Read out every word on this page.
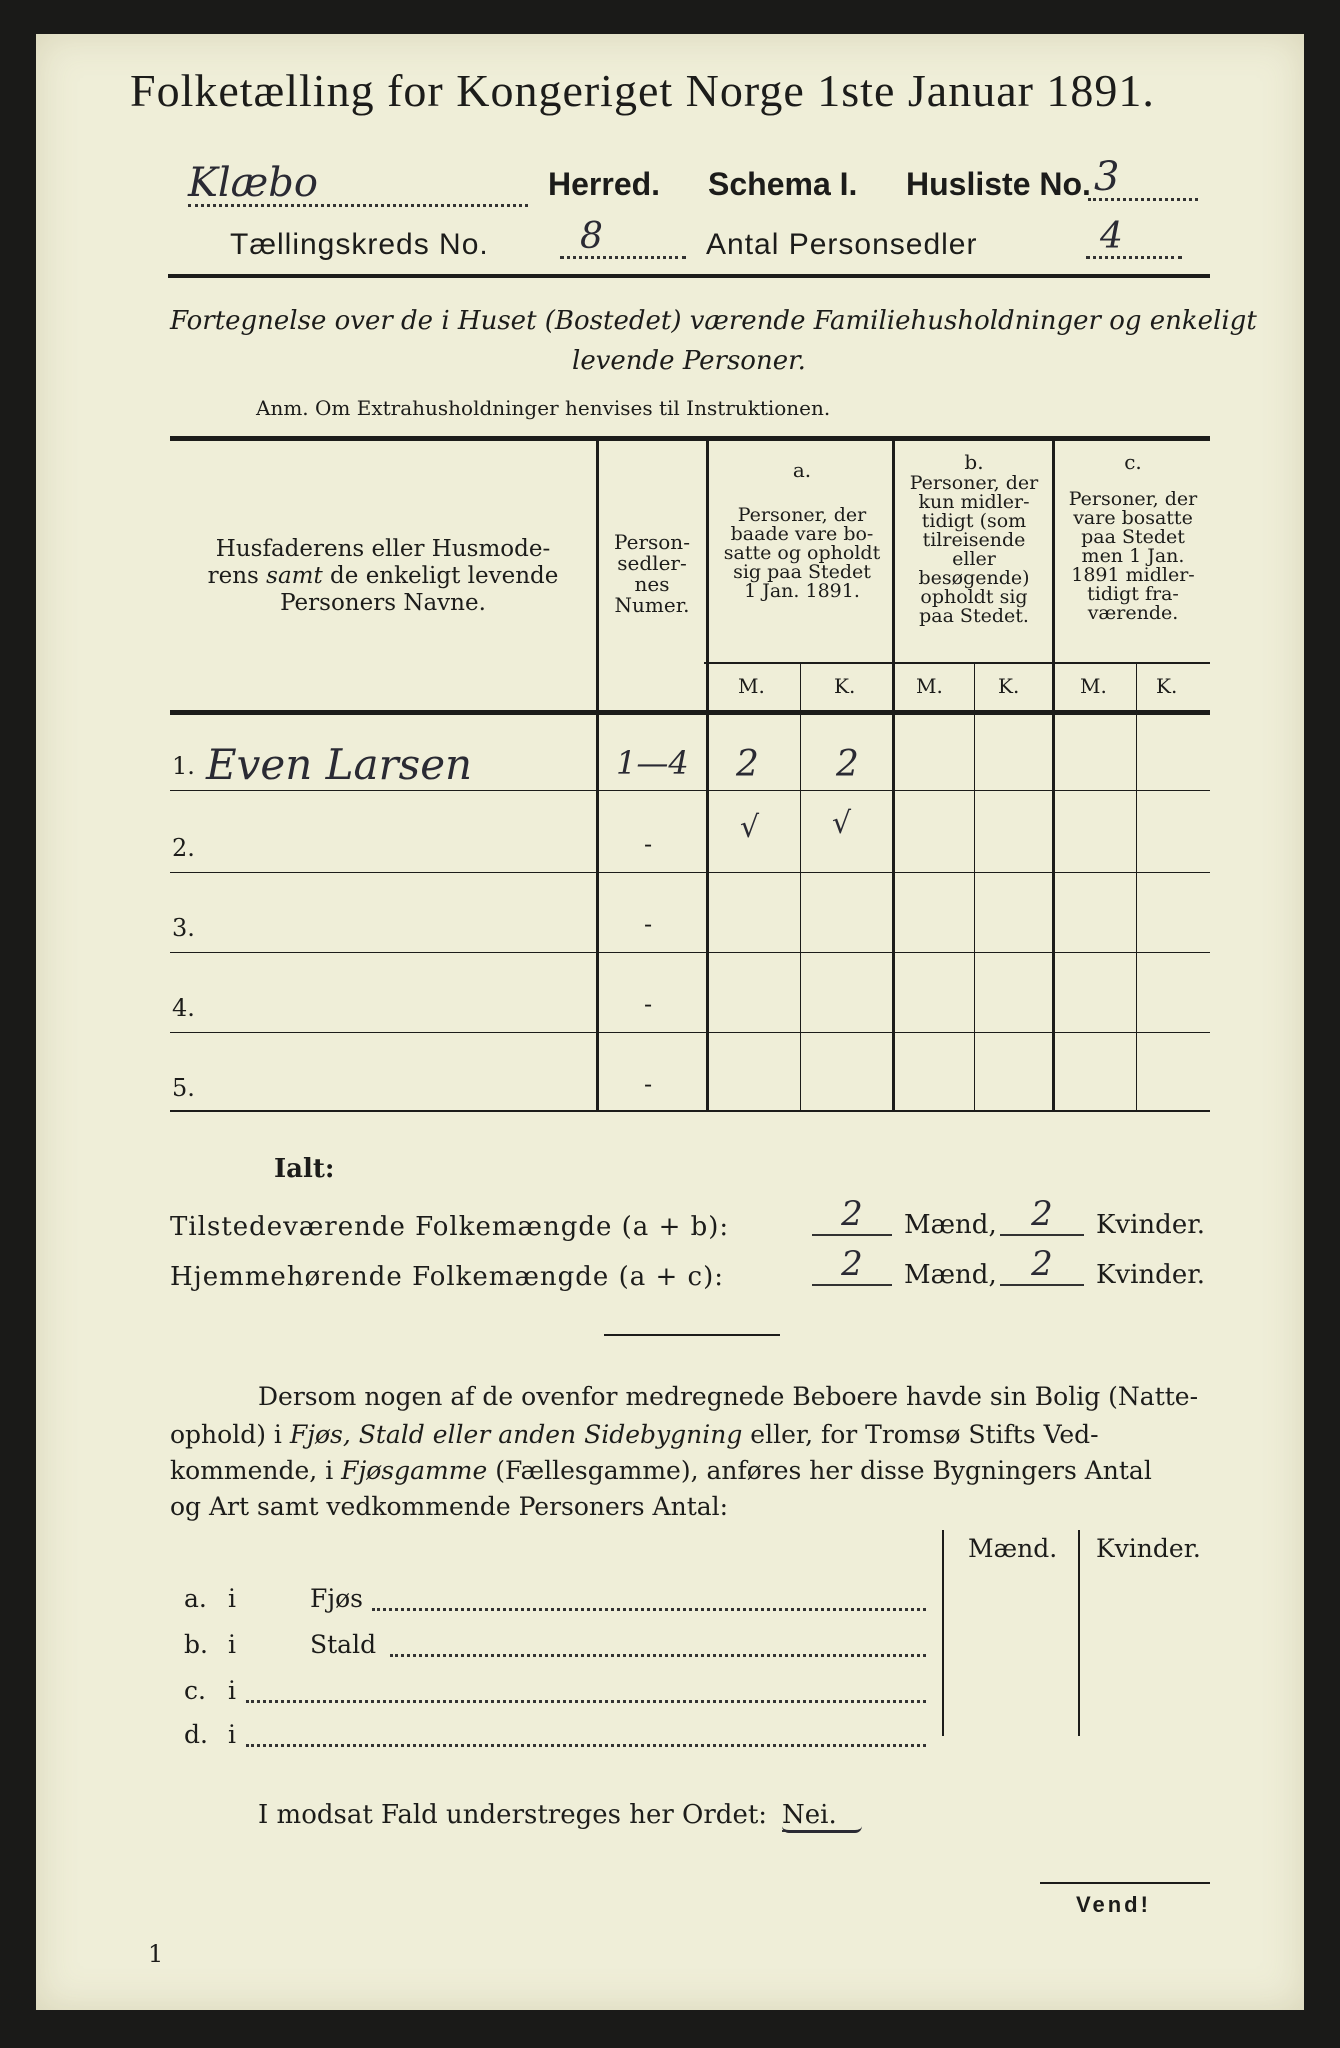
Folketælling for Kongeriget Norge 1ste Januar 1891.
Klæbo	Herred. Schema I. Husliste No. 3
Tællingskreds No.	8	Antal Personsedler	4
Fortegnelse over de i Huset (Bostedet) værende Familiehusholdninger og enkeligt
levende Personer.
Anm. Om Extrahusholdninger henvises til Instruktionen.
Husfaderens eller Husmode-
rens samt de enkeligt levende
Personers Navne.
Person-
sedler-
nes
Numer.
a.
Personer, der
baade vare bo-
satte og opholdt
sig paa Stedet
1 Jan. 1891.
b.
Personer, der
kun midler-
tidigt (som
tilreisende
eller
besøgende)
opholdt sig
paa Stedet.
c.
Personer, der
vare bosatte
paa Stedet
men 1 Jan.
1891 midler-
tidigt fra-
værende.
M.	K.	M.	K.	M. K.
1. Even Larsen	1—4 2 2
2.	-	√ √
3.	-
4.	-
5.	-
Ialt:
Tilstedeværende Folkemængde (a + b):	2	Mænd,	2	Kvinder.
Hjemmehørende Folkemængde (a + c):	2	Mænd,	2	Kvinder.
Dersom nogen af de ovenfor medregnede Beboere havde sin Bolig (Natte-
ophold) i Fjøs, Stald eller anden Sidebygning eller, for Tromsø Stifts Ved-
kommende, i Fjøsgamme (Fællesgamme), anføres her disse Bygningers Antal
og Art samt vedkommende Personers Antal:
Mænd. Kvinder.
a. i	Fjøs
b. i	Stald
c. i
d. i
I modsat Fald understreges her Ordet: Nei.
Vend!
1
